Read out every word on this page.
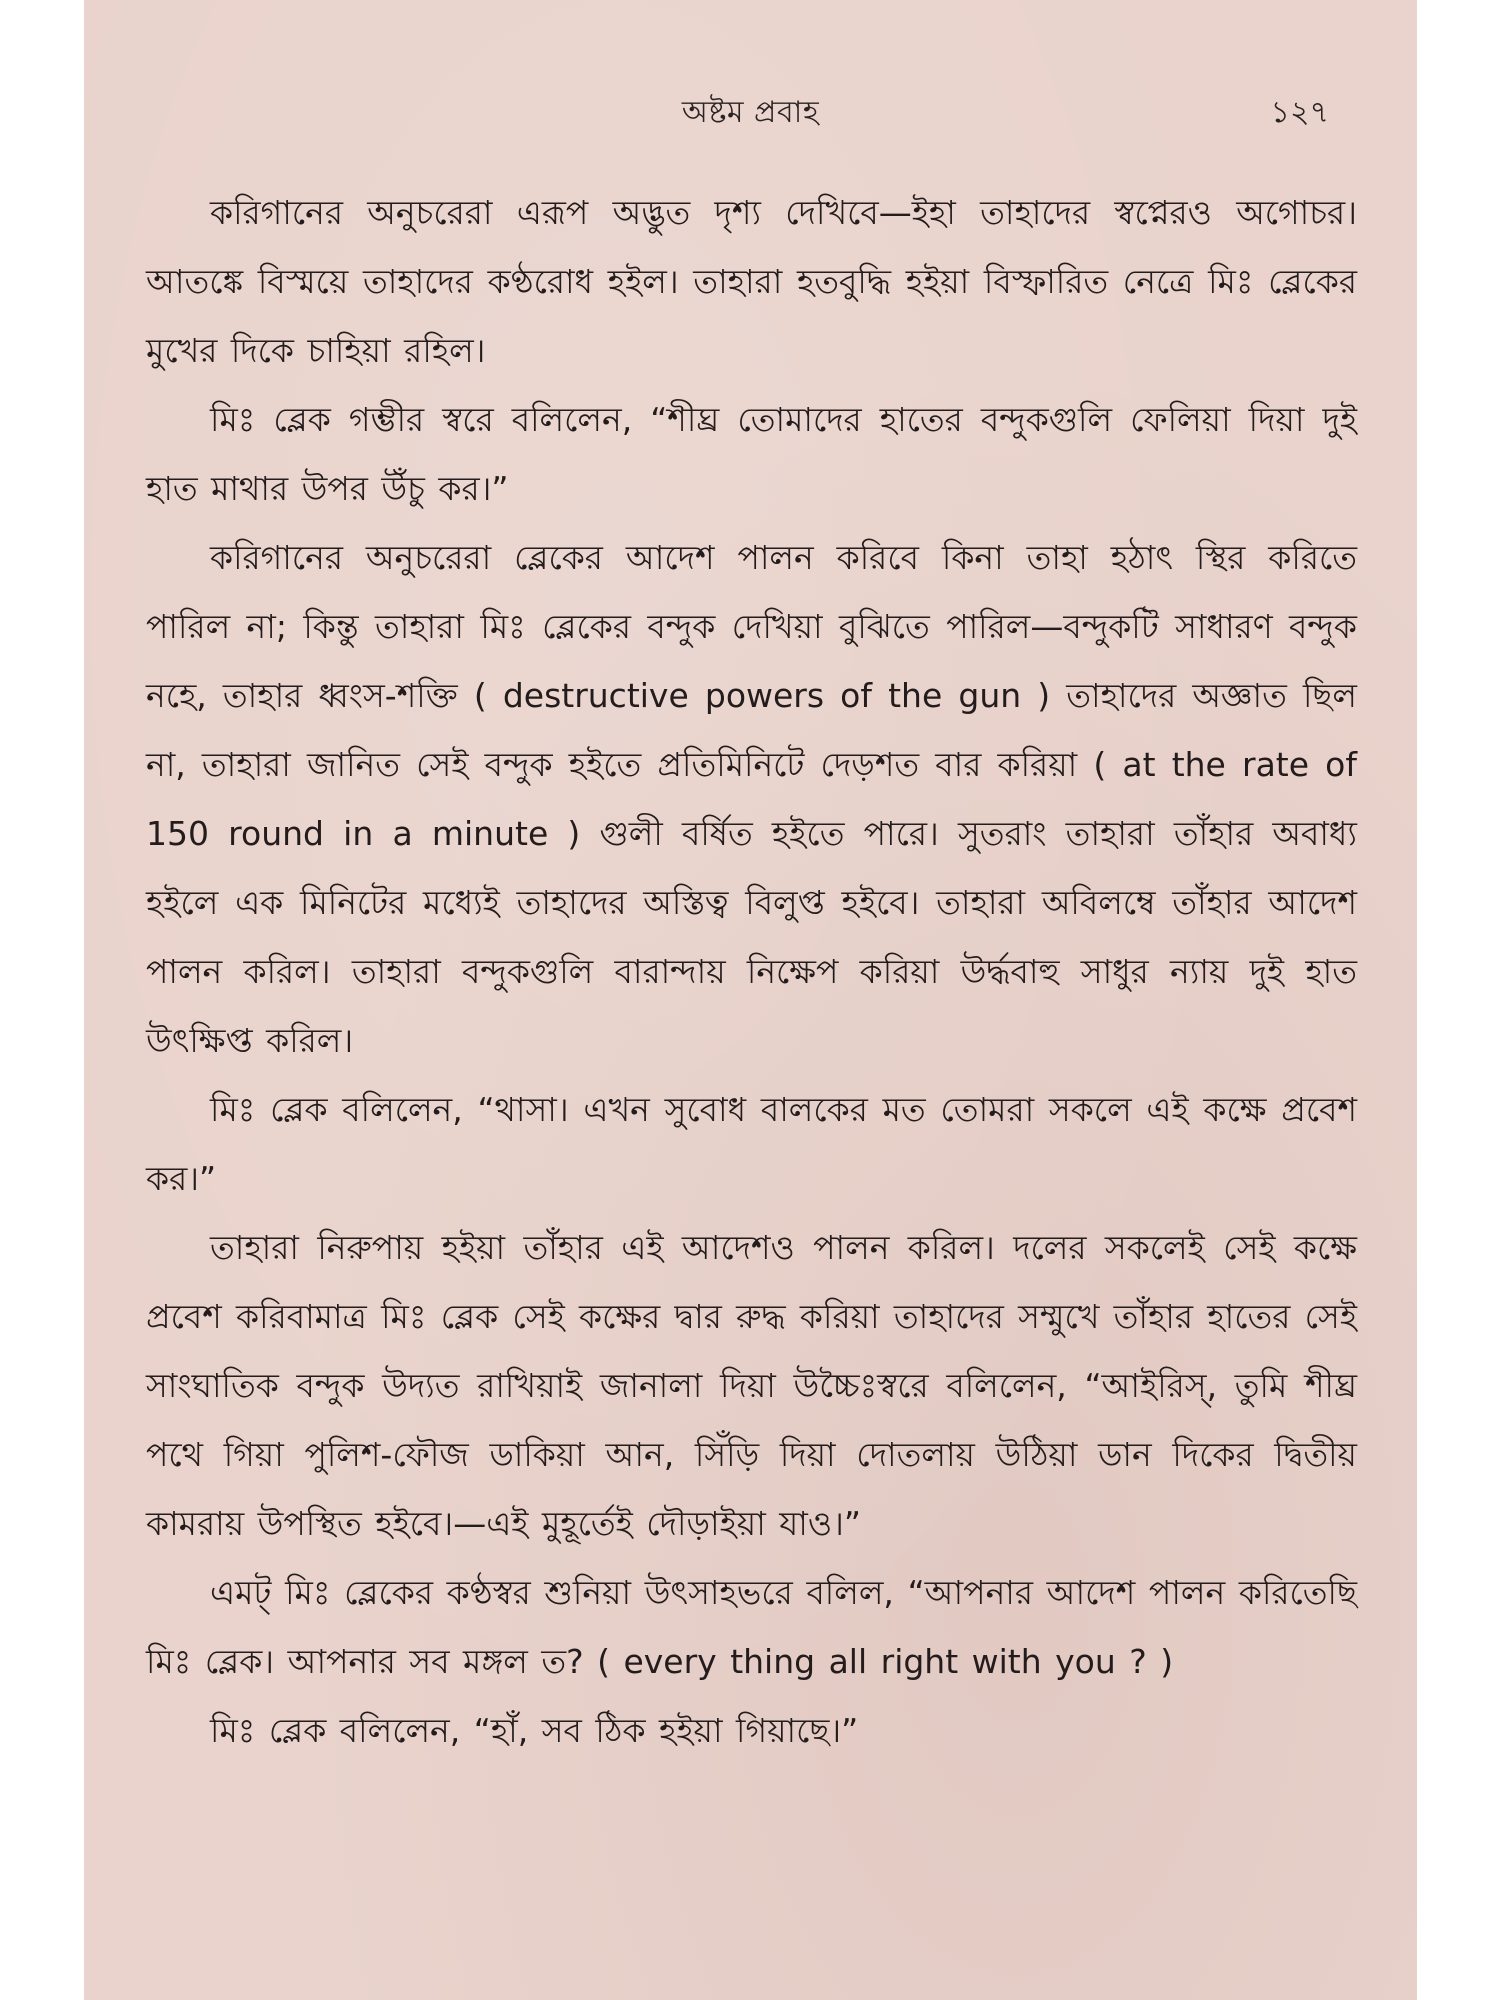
অষ্টম প্রবাহ	১২৭

করিগানের অনুচরেরা এরূপ অদ্ভুত দৃশ্য দেখিবে—ইহা তাহাদের স্বপ্নেরও অগোচর। আতঙ্কে বিস্ময়ে তাহাদের কণ্ঠরোধ হইল। তাহারা হতবুদ্ধি হইয়া বিস্ফারিত নেত্রে মিঃ ব্লেকের মুখের দিকে চাহিয়া রহিল।

মিঃ ব্লেক গম্ভীর স্বরে বলিলেন, “শীঘ্র তোমাদের হাতের বন্দুকগুলি ফেলিয়া দিয়া দুই হাত মাথার উপর উঁচু কর।”

করিগানের অনুচরেরা ব্লেকের আদেশ পালন করিবে কিনা তাহা হঠাৎ স্থির করিতে পারিল না; কিন্তু তাহারা মিঃ ব্লেকের বন্দুক দেখিয়া বুঝিতে পারিল—বন্দুকটি সাধারণ বন্দুক নহে, তাহার ধ্বংস-শক্তি ( destructive powers of the gun ) তাহাদের অজ্ঞাত ছিল না, তাহারা জানিত সেই বন্দুক হইতে প্রতিমিনিটে দেড়শত বার করিয়া ( at the rate of 150 round in a minute ) গুলী বর্ষিত হইতে পারে। সুতরাং তাহারা তাঁহার অবাধ্য হইলে এক মিনিটের মধ্যেই তাহাদের অস্তিত্ব বিলুপ্ত হইবে। তাহারা অবিলম্বে তাঁহার আদেশ পালন করিল। তাহারা বন্দুকগুলি বারান্দায় নিক্ষেপ করিয়া উর্দ্ধবাহু সাধুর ন্যায় দুই হাত উৎক্ষিপ্ত করিল।

মিঃ ব্লেক বলিলেন, “থাসা। এখন সুবোধ বালকের মত তোমরা সকলে এই কক্ষে প্রবেশ কর।”

তাহারা নিরুপায় হইয়া তাঁহার এই আদেশও পালন করিল। দলের সকলেই সেই কক্ষে প্রবেশ করিবামাত্র মিঃ ব্লেক সেই কক্ষের দ্বার রুদ্ধ করিয়া তাহাদের সম্মুখে তাঁহার হাতের সেই সাংঘাতিক বন্দুক উদ্যত রাখিয়াই জানালা দিয়া উচ্চৈঃস্বরে বলিলেন, “আইরিস্, তুমি শীঘ্র পথে গিয়া পুলিশ-ফৌজ ডাকিয়া আন, সিঁড়ি দিয়া দোতলায় উঠিয়া ডান দিকের দ্বিতীয় কামরায় উপস্থিত হইবে।—এই মুহূর্তেই দৌড়াইয়া যাও।”

এমট্ মিঃ ব্লেকের কণ্ঠস্বর শুনিয়া উৎসাহভরে বলিল, “আপনার আদেশ পালন করিতেছি মিঃ ব্লেক। আপনার সব মঙ্গল ত? ( every thing all right with you ? )

মিঃ ব্লেক বলিলেন, “হাঁ, সব ঠিক হইয়া গিয়াছে।”
